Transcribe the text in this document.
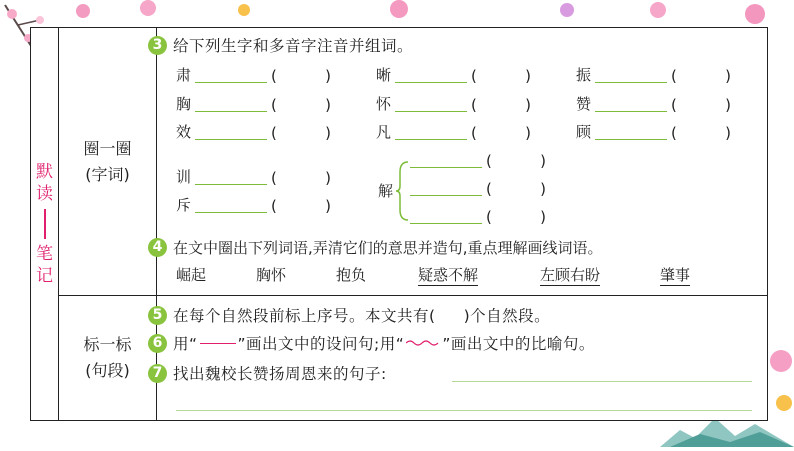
默
读
笔
记
圈一圈
(字词)
标一标
(句段)
3 给下列生字和多音字注音并组词。
肃	晰	振
胸	怀	赞
效	凡	顾
训
斥
解
4 在文中圈出下列词语,弄清它们的意思并造句,重点理解画线词语。
崛起	胸怀	抱负	疑惑不解	左顾右盼	肇事
5 在每个自然段前标上序号。本文共有( )个自然段。
6 用“	”画出文中的设问句;用“ ”画出文中的比喻句。
7 找出魏校长赞扬周恩来的句子:
